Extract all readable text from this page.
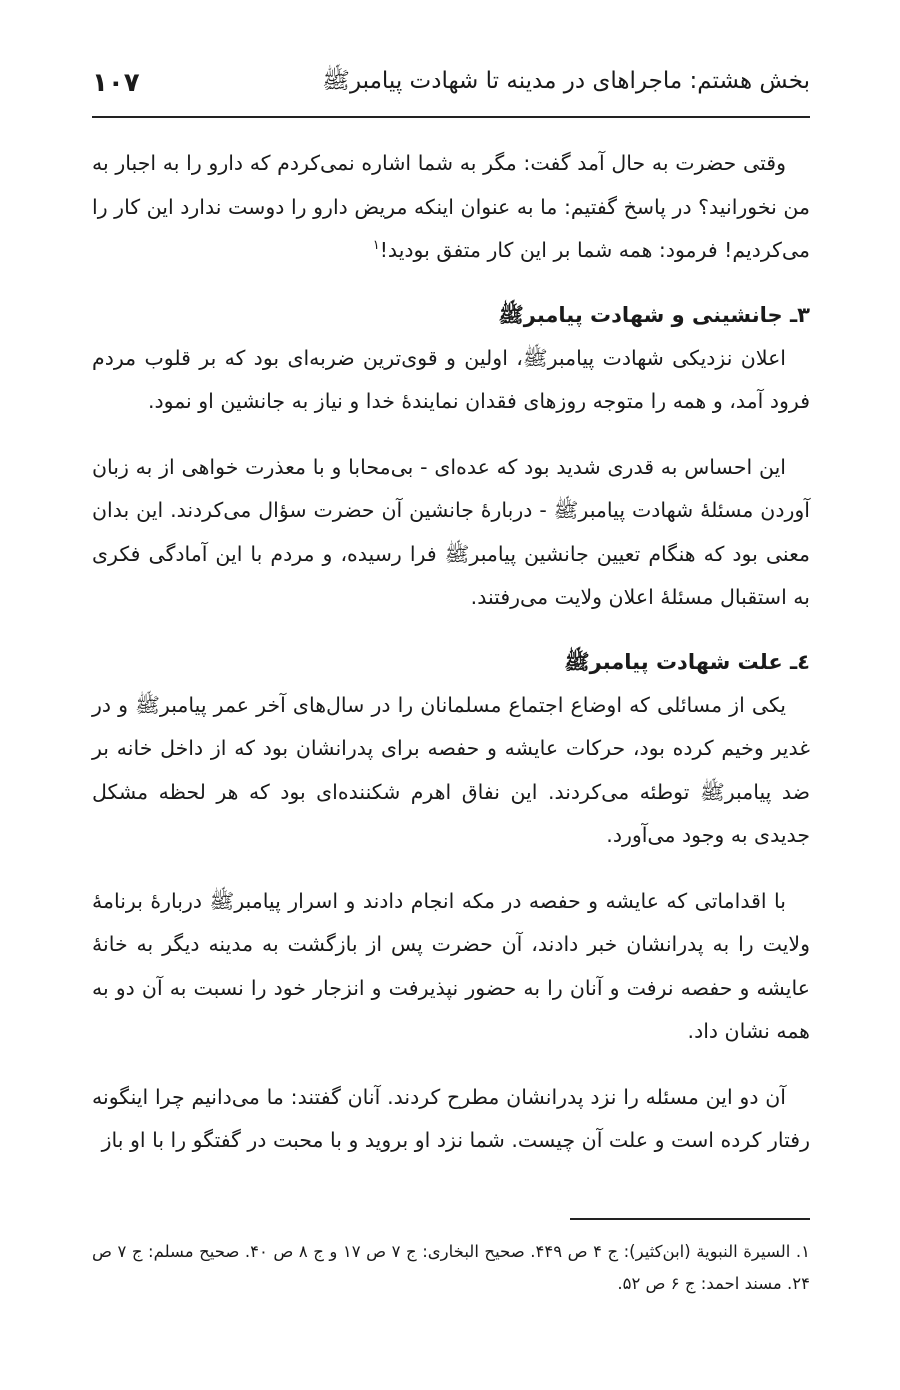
بخش هشتم: ماجراهای در مدینه تا شهادت پیامبرﷺ
۱۰۷

وقتی حضرت به حال آمد گفت: مگر به شما اشاره نمی‌کردم که دارو را به اجبار به من نخورانید؟ در پاسخ گفتیم: ما به عنوان اینکه مریض دارو را دوست ندارد این کار را می‌کردیم! فرمود: همه شما بر این کار متفق بودید!$^١$

۳ـ جانشینی و شهادت پیامبرﷺ

اعلان نزدیکی شهادت پیامبرﷺ، اولین و قوی‌ترین ضربه‌ای بود که بر قلوب مردم فرود آمد، و همه را متوجه روزهای فقدان نمایندهٔ خدا و نیاز به جانشین او نمود.

این احساس به قدری شدید بود که عده‌ای - بی‌محابا و با معذرت خواهی از به زبان آوردن مسئلهٔ شهادت پیامبرﷺ - دربارهٔ جانشین آن حضرت سؤال می‌کردند. این بدان معنی بود که هنگام تعیین جانشین پیامبرﷺ فرا رسیده، و مردم با این آمادگی فکری به استقبال مسئلهٔ اعلان ولایت می‌رفتند.

٤ـ علت شهادت پیامبرﷺ

یکی از مسائلی که اوضاع اجتماع مسلمانان را در سال‌های آخر عمر پیامبرﷺ و در غدیر وخیم کرده بود، حرکات عایشه و حفصه برای پدرانشان بود که از داخل خانه بر ضد پیامبرﷺ توطئه می‌کردند. این نفاق اهرم شکننده‌ای بود که هر لحظه مشکل جدیدی به وجود می‌آورد.

با اقداماتی که عایشه و حفصه در مکه انجام دادند و اسرار پیامبرﷺ دربارهٔ برنامهٔ ولایت را به پدرانشان خبر دادند، آن حضرت پس از بازگشت به مدینه دیگر به خانهٔ عایشه و حفصه نرفت و آنان را به حضور نپذیرفت و انزجار خود را نسبت به آن دو به همه نشان داد.

آن دو این مسئله را نزد پدرانشان مطرح کردند. آنان گفتند: ما می‌دانیم چرا اینگونه رفتار کرده است و علت آن چیست. شما نزد او بروید و با محبت در گفتگو را با او باز

۱. السیرة النبویة (ابن‌کثیر): ج ۴ ص ۴۴۹. صحیح البخاری: ج ۷ ص ۱۷ و ج ۸ ص ۴۰. صحیح مسلم: ج ۷ ص ۲۴. مسند احمد: ج ۶ ص ۵۲.
